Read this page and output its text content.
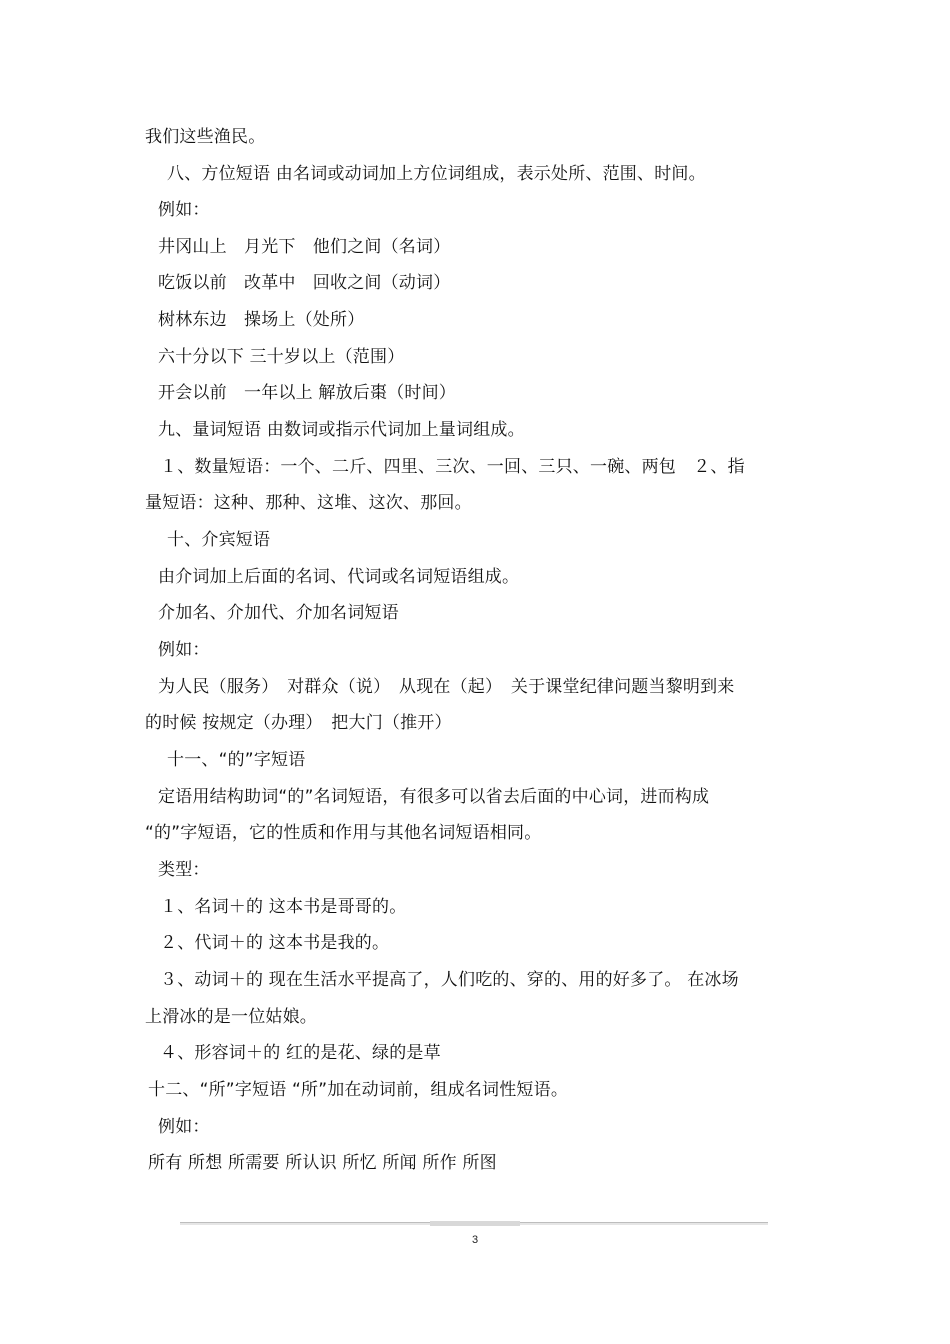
我们这些渔民。
八、方位短语 由名词或动词加上方位词组成，表示处所、范围、时间。
例如：
井冈山上　月光下　他们之间（名词）
吃饭以前　改革中　回收之间（动词）
树林东边　操场上（处所）
六十分以下 三十岁以上（范围）
开会以前　一年以上 解放后棗（时间）
九、量词短语 由数词或指示代词加上量词组成。
１、数量短语：一个、二斤、四里、三次、一回、三只、一碗、两包　２、指
量短语：这种、那种、这堆、这次、那回。
十、介宾短语
由介词加上后面的名词、代词或名词短语组成。
介加名、介加代、介加名词短语
例如：
为人民（服务）　对群众（说）　从现在（起）　关于课堂纪律问题当黎明到来
的时候 按规定（办理）　把大门（推开）
十一、“的”字短语
定语用结构助词“的”名词短语，有很多可以省去后面的中心词，进而构成
“的”字短语，它的性质和作用与其他名词短语相同。
类型：
１、名词＋的 这本书是哥哥的。
２、代词＋的 这本书是我的。
３、动词＋的 现在生活水平提高了，人们吃的、穿的、用的好多了。 在冰场
上滑冰的是一位姑娘。
４、形容词＋的 红的是花、绿的是草
十二、“所”字短语 “所”加在动词前，组成名词性短语。
例如：
所有 所想 所需要 所认识 所忆 所闻 所作 所图
3
